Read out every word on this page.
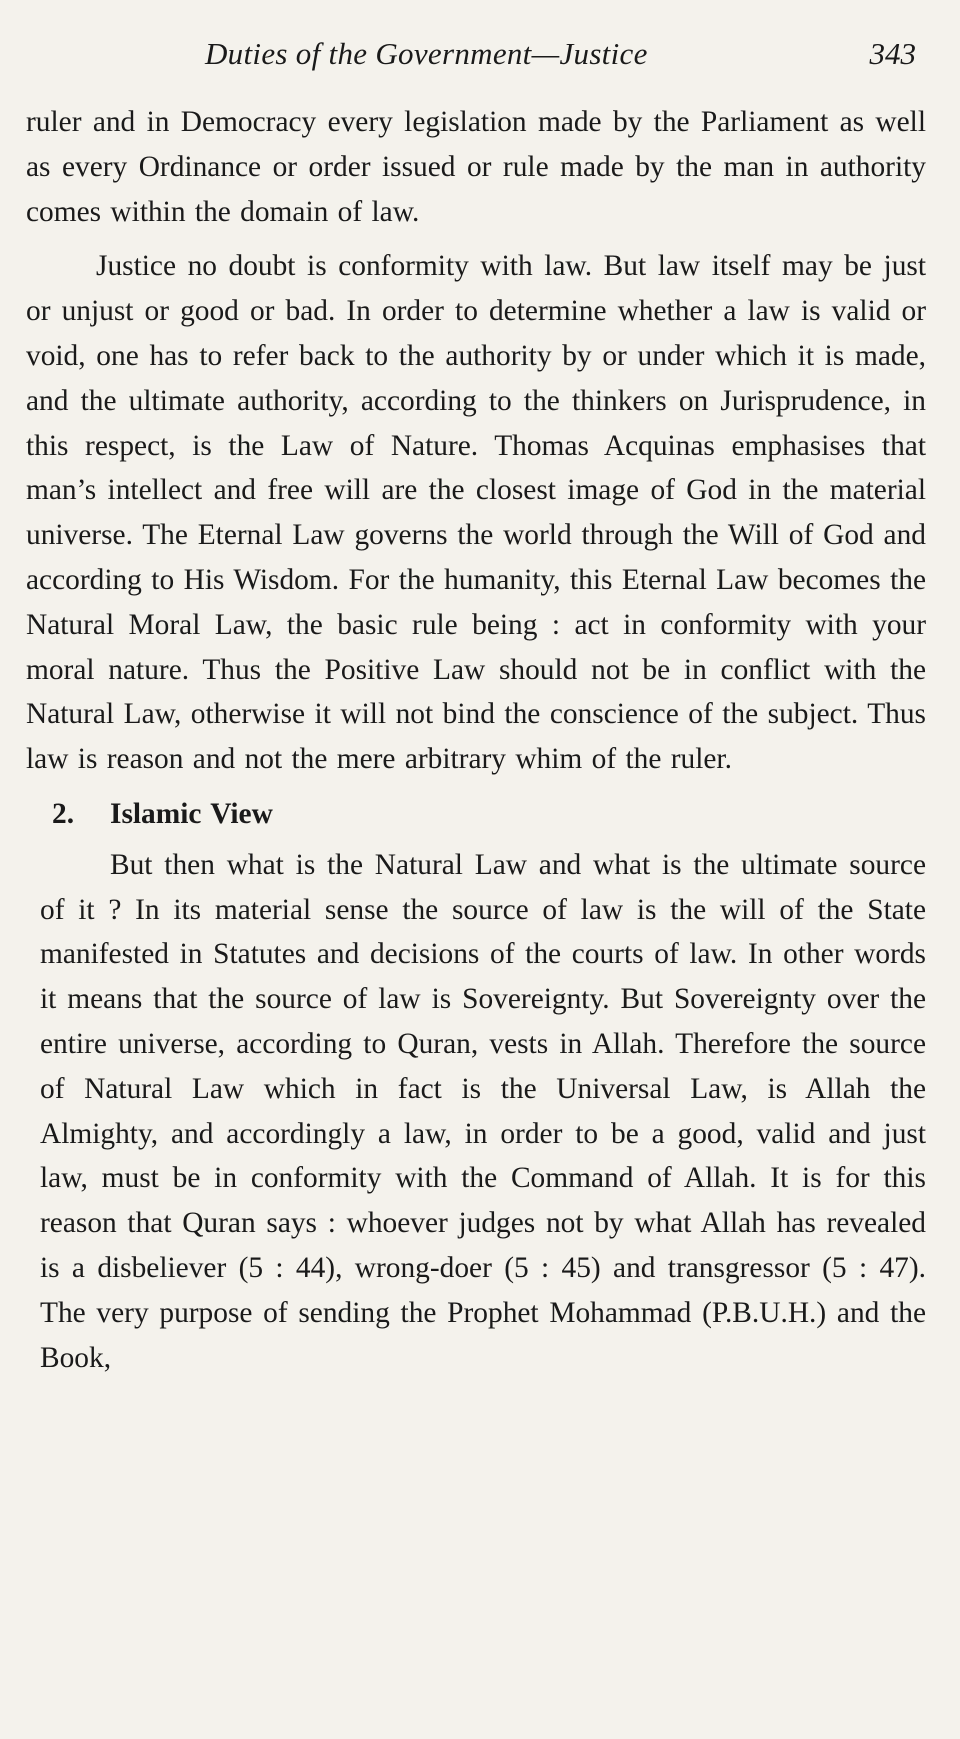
Duties of the Government—Justice	343

ruler and in Democracy every legislation made by the Parliament as well as every Ordinance or order issued or rule made by the man in authority comes within the domain of law.

Justice no doubt is conformity with law. But law itself may be just or unjust or good or bad. In order to determine whether a law is valid or void, one has to refer back to the authority by or under which it is made, and the ultimate authority, according to the thinkers on Jurisprudence, in this respect, is the Law of Nature. Thomas Acquinas emphasises that man’s intellect and free will are the closest image of God in the material universe. The Eternal Law governs the world through the Will of God and according to His Wisdom. For the humanity, this Eternal Law becomes the Natural Moral Law, the basic rule being : act in conformity with your moral nature. Thus the Positive Law should not be in conflict with the Natural Law, otherwise it will not bind the conscience of the subject. Thus law is reason and not the mere arbitrary whim of the ruler.

2. Islamic View

But then what is the Natural Law and what is the ultimate source of it ? In its material sense the source of law is the will of the State manifested in Statutes and decisions of the courts of law. In other words it means that the source of law is Sovereignty. But Sovereignty over the entire universe, according to Quran, vests in Allah. Therefore the source of Natural Law which in fact is the Universal Law, is Allah the Almighty, and accordingly a law, in order to be a good, valid and just law, must be in conformity with the Command of Allah. It is for this reason that Quran says : whoever judges not by what Allah has revealed is a disbeliever (5 : 44), wrong-doer (5 : 45) and transgressor (5 : 47). The very purpose of sending the Prophet Mohammad (P.B.U.H.) and the Book,
